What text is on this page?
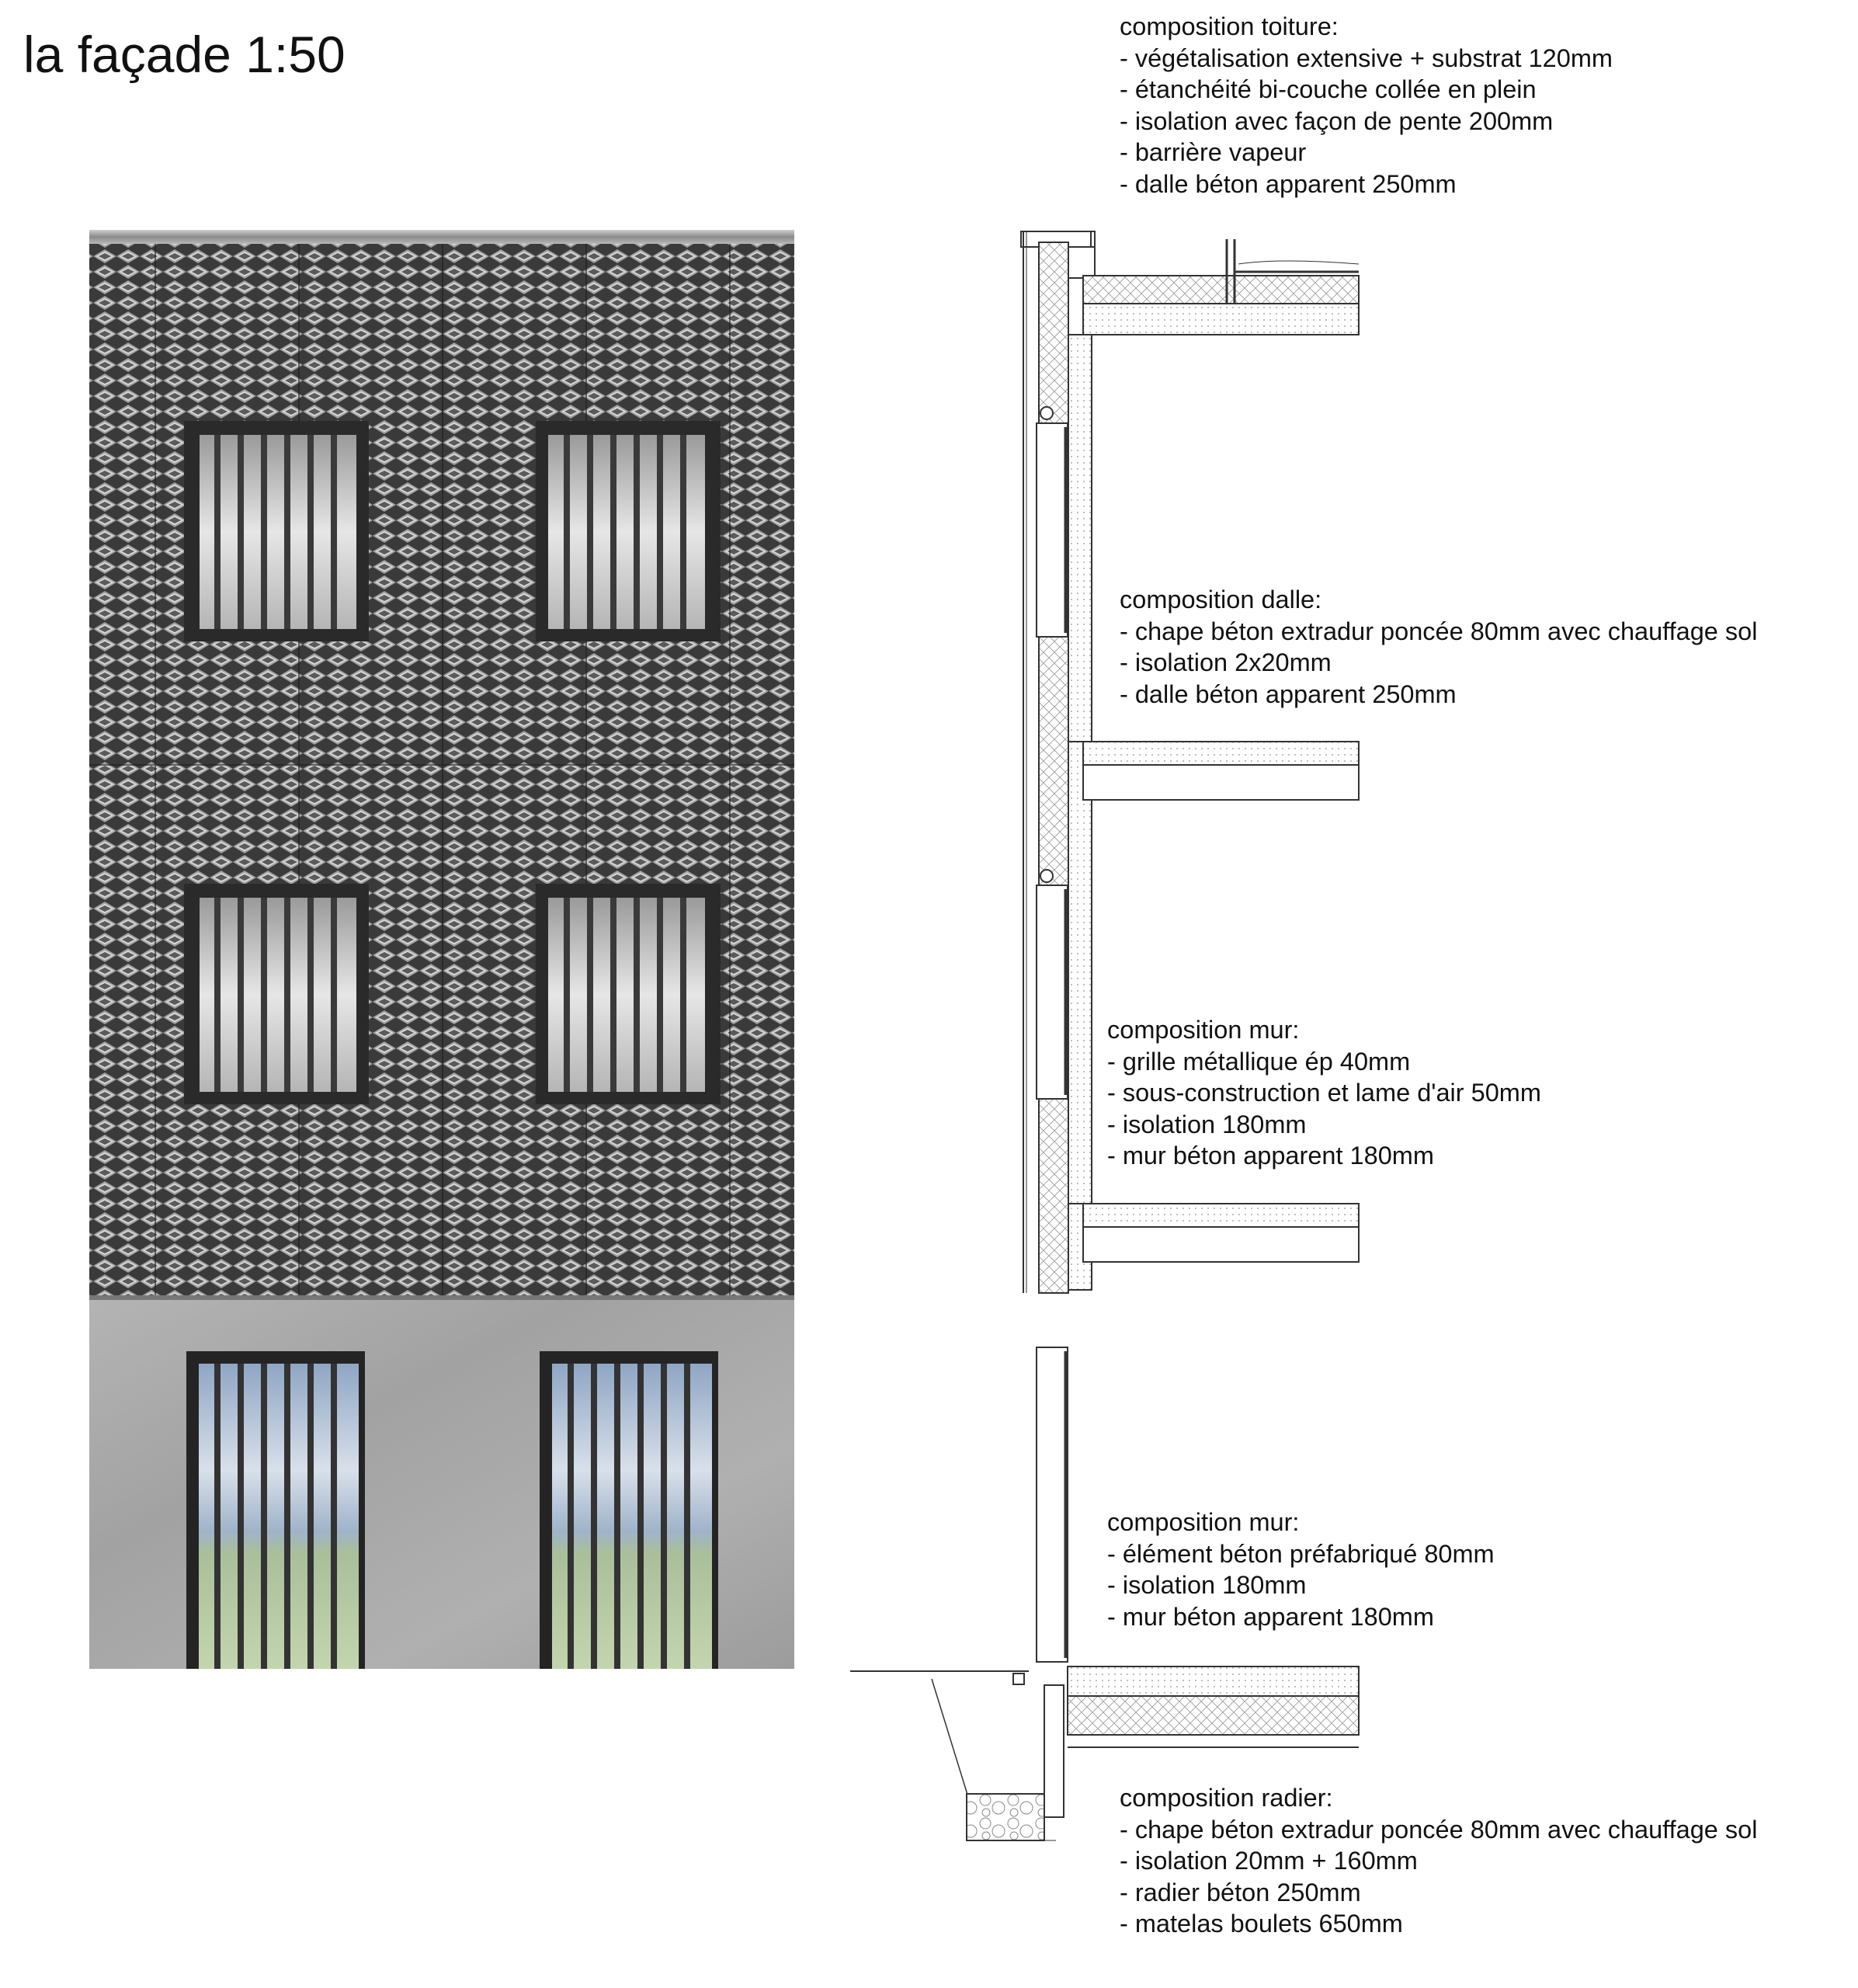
la façade 1:50	composition toiture:
- végétalisation extensive + substrat 120mm
- étanchéité bi-couche collée en plein
- isolation avec façon de pente 200mm
- barrière vapeur
- dalle béton apparent 250mm
composition dalle:
- chape béton extradur poncée 80mm avec chauffage sol
- isolation 2x20mm
- dalle béton apparent 250mm
composition mur:
- grille métallique ép 40mm
- sous-construction et lame d'air 50mm
- isolation 180mm
- mur béton apparent 180mm
composition mur:
- élément béton préfabriqué 80mm
- isolation 180mm
- mur béton apparent 180mm
composition radier:
- chape béton extradur poncée 80mm avec chauffage sol
- isolation 20mm + 160mm
- radier béton 250mm
- matelas boulets 650mm
